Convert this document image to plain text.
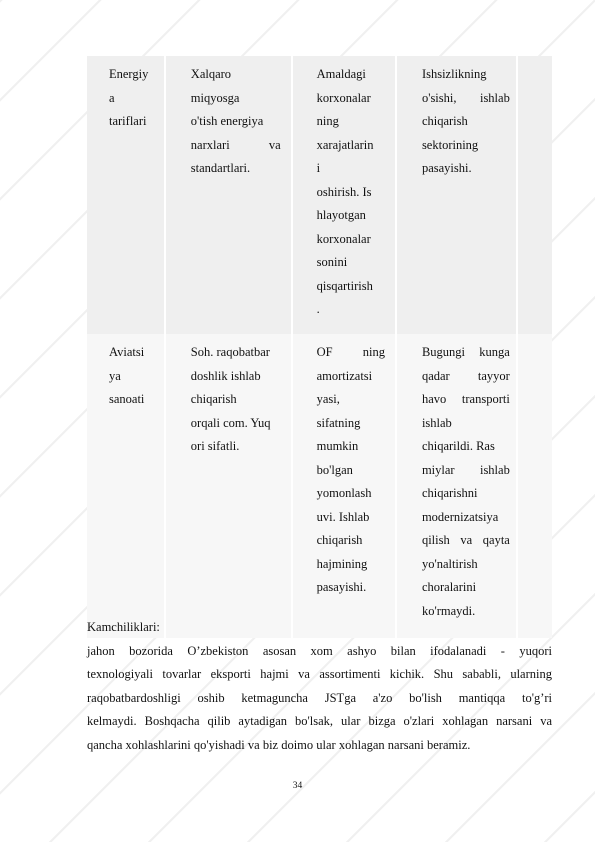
Energiy
a
tariflari
Xalqaro
miqyosga
o'tish energiya
narxlari va
standartlari.
Amaldagi
korxonalar
ning
xarajatlarin
i
oshirish. Is
hlayotgan
korxonalar
sonini
qisqartirish
.
Ishsizlikning
o'sishi, ishlab
chiqarish
sektorining
pasayishi.
Aviatsi
ya
sanoati
Soh. raqobatbar
doshlik ishlab
chiqarish
orqali com. Yuq
ori sifatli.
OF ning
amortizatsi
yasi,
sifatning
mumkin
bo'lgan
yomonlash
uvi. Ishlab
chiqarish
hajmining
pasayishi.
Bugungi kunga
qadar tayyor
havo transporti
ishlab
chiqarildi. Ras
miylar ishlab
chiqarishni
modernizatsiya
qilish va qayta
yo'naltirish
choralarini
ko'rmaydi.
Kamchiliklari:
jahon bozorida O’zbekiston asosan xom ashyo bilan ifodalanadi - yuqori
texnologiyali tovarlar eksporti hajmi va assortimenti kichik. Shu sababli, ularning
raqobatbardoshligi oshib ketmaguncha JSTga a'zo bo'lish mantiqqa to'g’ri
kelmaydi. Boshqacha qilib aytadigan bo'lsak, ular bizga o'zlari xohlagan narsani va
qancha xohlashlarini qo'yishadi va biz doimo ular xohlagan narsani beramiz.
34
